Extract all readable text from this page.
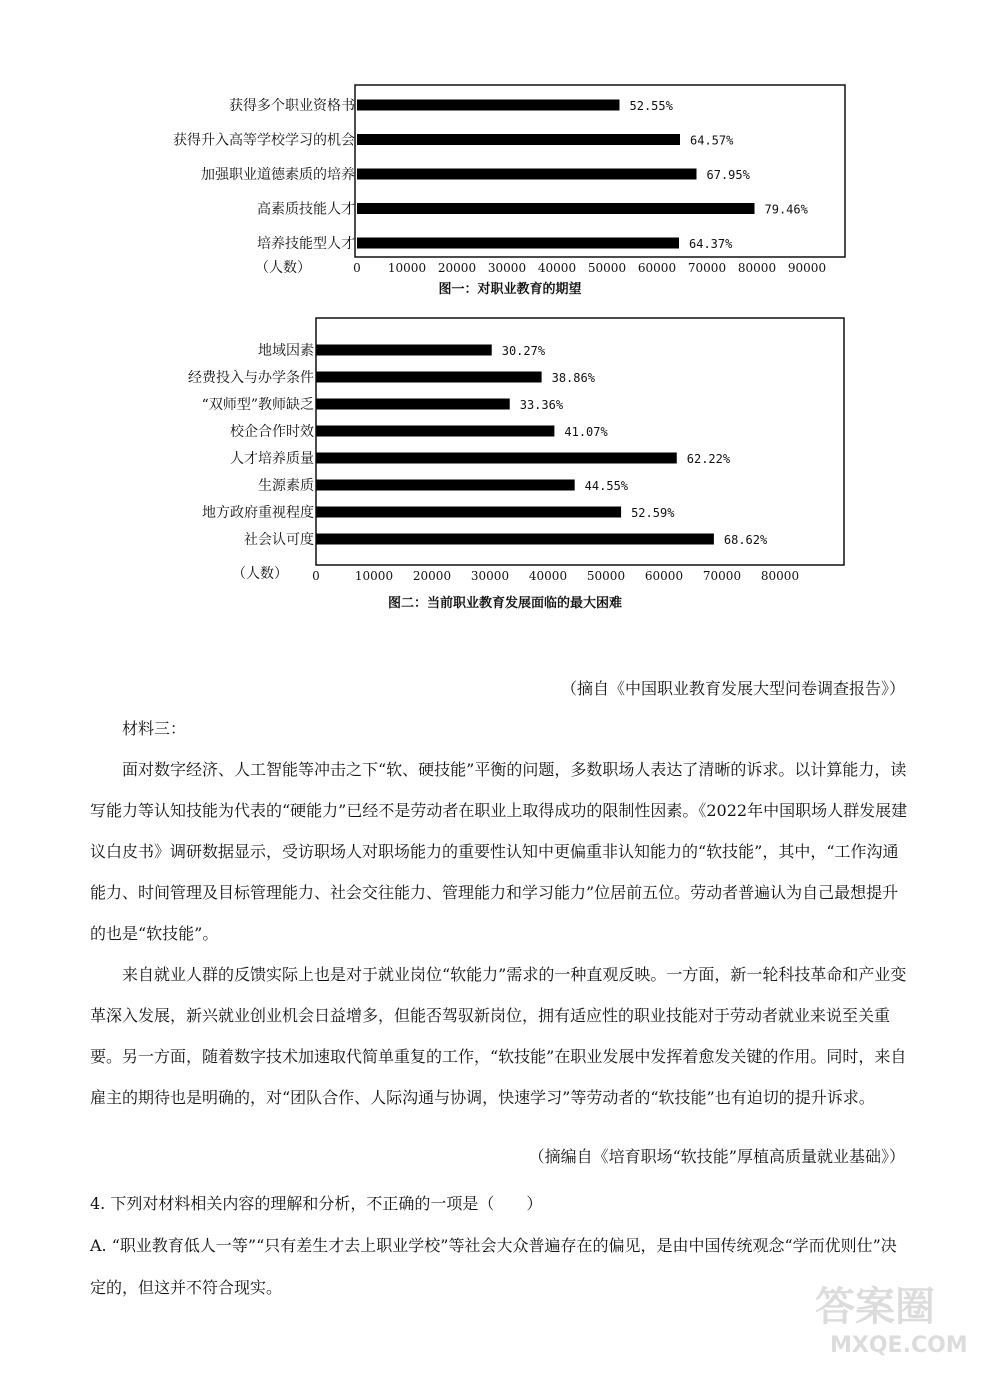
获得多个职业资格书	52.55%
获得升入高等学校学习的机会	64.57%
加强职业道德素质的培养	67.95%
高素质技能人才	79.46%
培养技能型人才	64.37%
0 10000 20000 30000 40000 50000 60000 70000 80000 90000
（人数）
图一：对职业教育的期望
地域因素	30.27%
经费投入与办学条件	38.86%
“双师型”教师缺乏	33.36%
校企合作时效	41.07%
人才培养质量	62.22%
生源素质	44.55%
地方政府重视程度	52.59%
社会认可度	68.62%
0	10000 20000 30000 40000 50000 60000 70000 80000
（人数）
图二：当前职业教育发展面临的最大困难
（摘自《中国职业教育发展大型问卷调查报告》）

材料三：

面对数字经济、人工智能等冲击之下“软、硬技能”平衡的问题，多数职场人表达了清晰的诉求。以计算能力，读写能力等认知技能为代表的“硬能力”已经不是劳动者在职业上取得成功的限制性因素。《2022年中国职场人群发展建议白皮书》调研数据显示，受访职场人对职场能力的重要性认知中更偏重非认知能力的“软技能”，其中，“工作沟通能力、时间管理及目标管理能力、社会交往能力、管理能力和学习能力”位居前五位。劳动者普遍认为自己最想提升的也是“软技能”。

来自就业人群的反馈实际上也是对于就业岗位“软能力”需求的一种直观反映。一方面，新一轮科技革命和产业变革深入发展，新兴就业创业机会日益增多，但能否驾驭新岗位，拥有适应性的职业技能对于劳动者就业来说至关重要。另一方面，随着数字技术加速取代简单重复的工作，“软技能”在职业发展中发挥着愈发关键的作用。同时，来自雇主的期待也是明确的，对“团队合作、人际沟通与协调，快速学习”等劳动者的“软技能”也有迫切的提升诉求。

（摘编自《培育职场“软技能”厚植高质量就业基础》）

4. 下列对材料相关内容的理解和分析，不正确的一项是（　　）

A. “职业教育低人一等”“只有差生才去上职业学校”等社会大众普遍存在的偏见，是由中国传统观念“学而优则仕”决定的，但这并不符合现实。	答案圈
MXQE.COM
